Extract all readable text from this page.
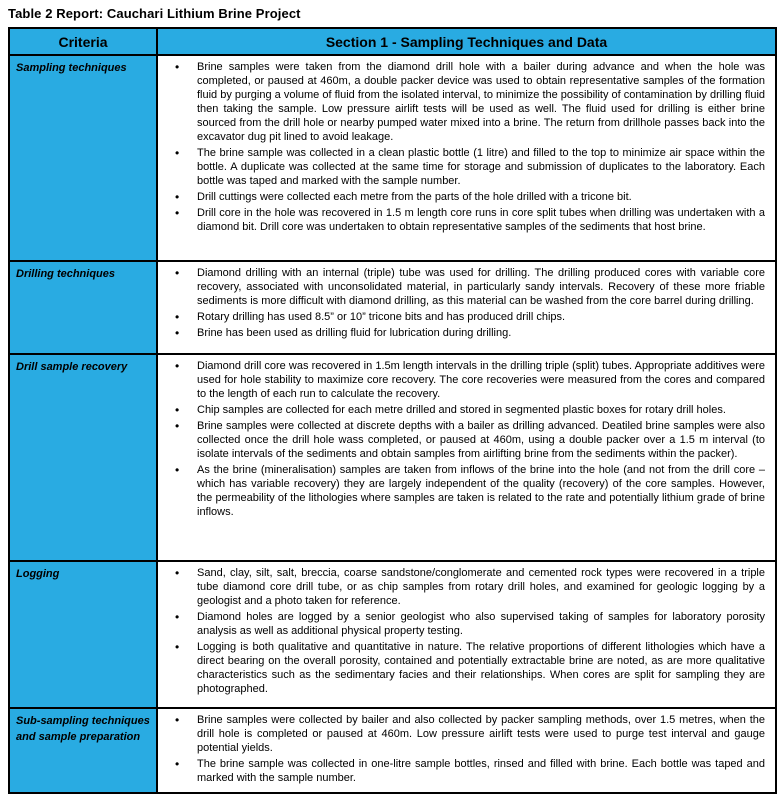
Table 2 Report: Cauchari Lithium Brine Project
Criteria	Section 1 - Sampling Techniques and Data
Sampling techniques	
•Brine samples were taken from the diamond drill hole with a bailer during advance and when the hole was completed, or paused at 460m, a double packer device was used to obtain representative samples of the formation fluid by purging a volume of fluid from the isolated interval, to minimize the possibility of contamination by drilling fluid then taking the sample. Low pressure airlift tests will be used as well. The fluid used for drilling is either brine sourced from the drill hole or nearby pumped water mixed into a brine. The return from drillhole passes back into the excavator dug pit lined to avoid leakage.
• The brine sample was collected in a clean plastic bottle (1 litre) and filled to the top to minimize air space within the bottle. A duplicate was collected at the same time for storage and submission of duplicates to the laboratory. Each bottle was taped and marked with the sample number.
• Drill cuttings were collected each metre from the parts of the hole drilled with a tricone bit.
• Drill core in the hole was recovered in 1.5 m length core runs in core split tubes when drilling was undertaken with a diamond bit. Drill core was undertaken to obtain representative samples of the sediments that host brine.

Drilling techniques	
•Diamond drilling with an internal (triple) tube was used for drilling. The drilling produced cores with variable core recovery, associated with unconsolidated material, in particularly sandy intervals. Recovery of these more friable sediments is more difficult with diamond drilling, as this material can be washed from the core barrel during drilling.
• Rotary drilling has used 8.5” or 10” tricone bits and has produced drill chips.
• Brine has been used as drilling fluid for lubrication during drilling.

Drill sample recovery	
•Diamond drill core was recovered in 1.5m length intervals in the drilling triple (split) tubes. Appropriate additives were used for hole stability to maximize core recovery. The core recoveries were measured from the cores and compared to the length of each run to calculate the recovery.
• Chip samples are collected for each metre drilled and stored in segmented plastic boxes for rotary drill holes.
• Brine samples were collected at discrete depths with a bailer as drilling advanced. Deatiled brine samples were also collected once the drill hole wass completed, or paused at 460m, using a double packer over a 1.5 m interval (to isolate intervals of the sediments and obtain samples from airlifting brine from the sediments within the packer).
• As the brine (mineralisation) samples are taken from inflows of the brine into the hole (and not from the drill core – which has variable recovery) they are largely independent of the quality (recovery) of the core samples. However, the permeability of the lithologies where samples are taken is related to the rate and potentially lithium grade of brine inflows.

Logging	
•Sand, clay, silt, salt, breccia, coarse sandstone/conglomerate and cemented rock types were recovered in a triple tube diamond core drill tube, or as chip samples from rotary drill holes, and examined for geologic logging by a geologist and a photo taken for reference.
• Diamond holes are logged by a senior geologist who also supervised taking of samples for laboratory porosity analysis as well as additional physical property testing.
• Logging is both qualitative and quantitative in nature. The relative proportions of different lithologies which have a direct bearing on the overall porosity, contained and potentially extractable brine are noted, as are more qualitative characteristics such as the sedimentary facies and their relationships. When cores are split for sampling they are photographed.

Sub-sampling techniques and sample preparation	
• Brine samples were collected by bailer and also collected by packer sampling methods, over 1.5 metres, when the drill hole is completed or paused at 460m. Low pressure airlift tests were used to purge test interval and gauge potential yields.
• The brine sample was collected in one-litre sample bottles, rinsed and filled with brine. Each bottle was taped and marked with the sample number.
